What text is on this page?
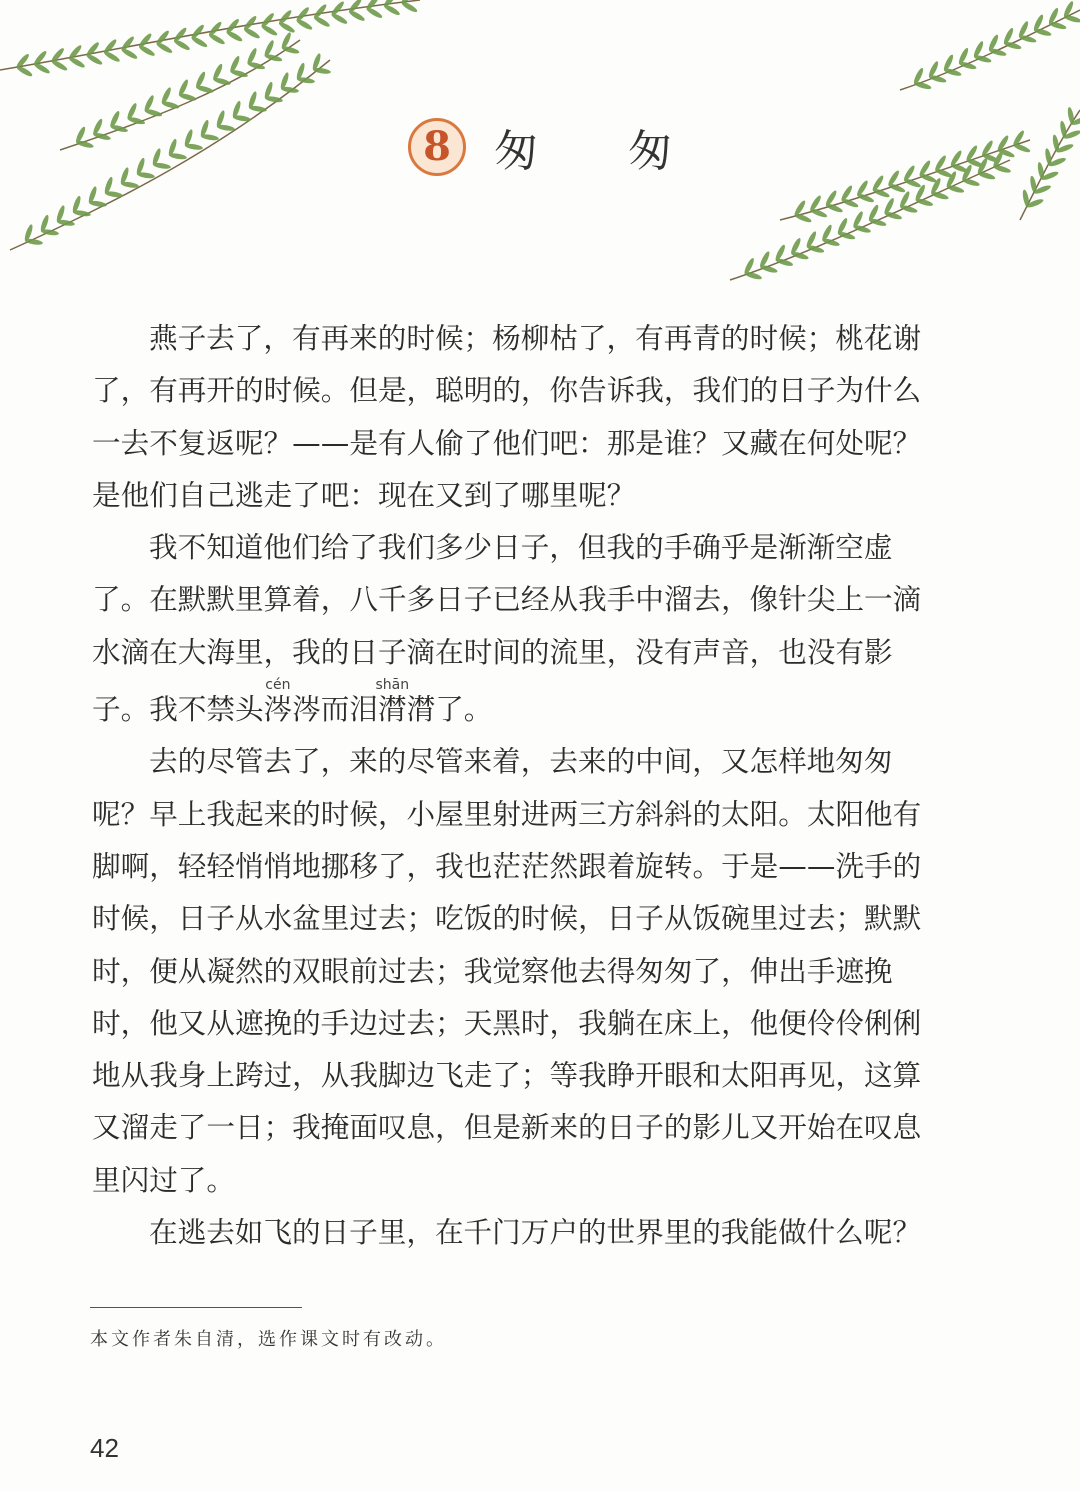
8 匆 匆

燕子去了，有再来的时候；杨柳枯了，有再青的时候；桃花谢
了，有再开的时候。但是，聪明的，你告诉我，我们的日子为什么
一去不复返呢？——是有人偷了他们吧：那是谁？又藏在何处呢？
是他们自己逃走了吧：现在又到了哪里呢？

我不知道他们给了我们多少日子，但我的手确乎是渐渐空虚
了。在默默里算着，八千多日子已经从我手中溜去，像针尖上一滴
水滴在大海里，我的日子滴在时间的流里，没有声音，也没有影
子。我不禁头涔cén涔而泪潸shān潸了。

去的尽管去了，来的尽管来着，去来的中间，又怎样地匆匆
呢？早上我起来的时候，小屋里射进两三方斜斜的太阳。太阳他有
脚啊，轻轻悄悄地挪移了，我也茫茫然跟着旋转。于是——洗手的
时候，日子从水盆里过去；吃饭的时候，日子从饭碗里过去；默默
时，便从凝然的双眼前过去；我觉察他去得匆匆了，伸出手遮挽
时，他又从遮挽的手边过去；天黑时，我躺在床上，他便伶伶俐俐
地从我身上跨过，从我脚边飞走了；等我睁开眼和太阳再见，这算
又溜走了一日；我掩面叹息，但是新来的日子的影儿又开始在叹息
里闪过了。

在逃去如飞的日子里，在千门万户的世界里的我能做什么呢？

本文作者朱自清，选作课文时有改动。
42
